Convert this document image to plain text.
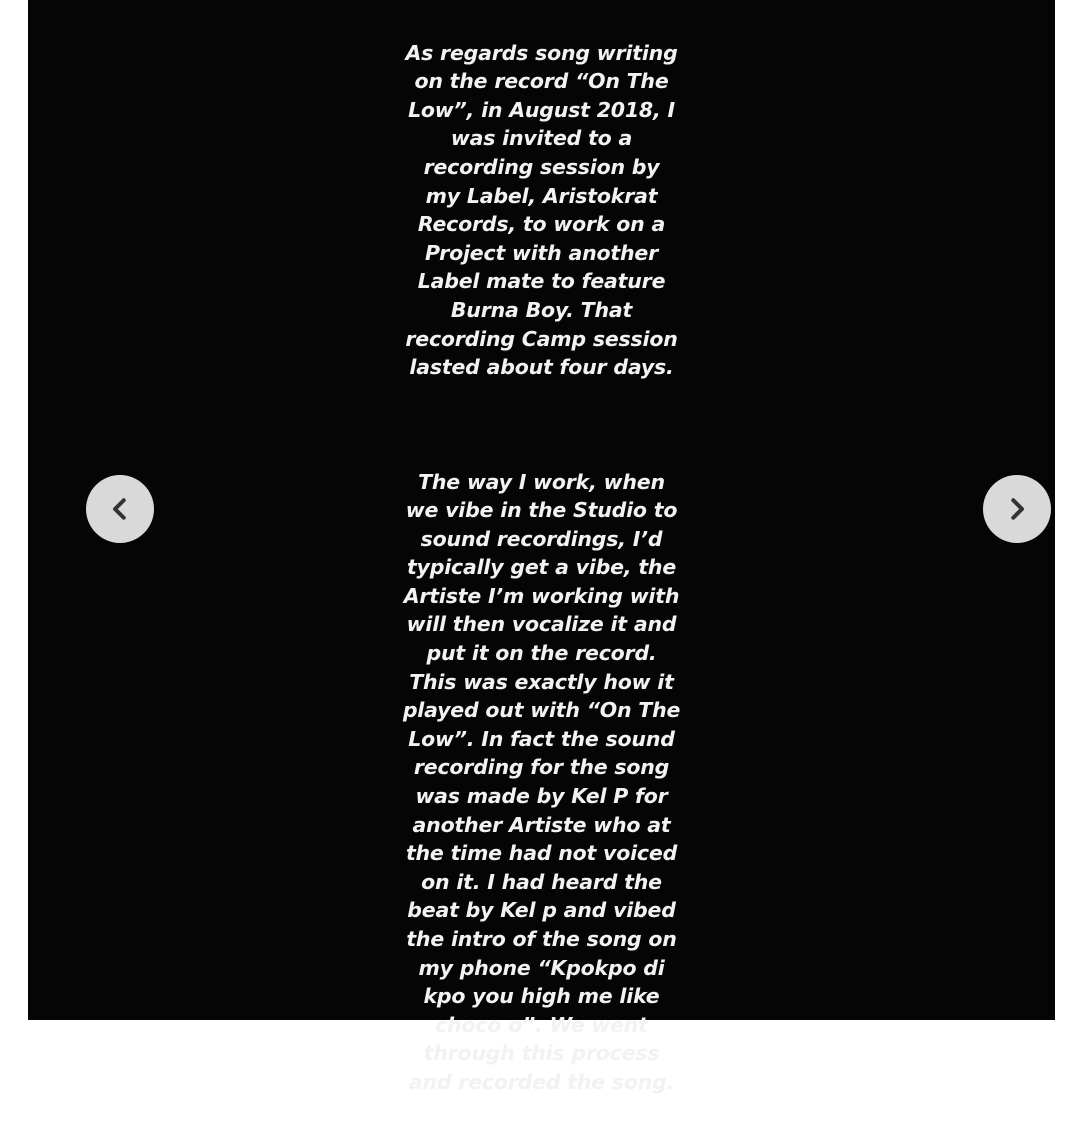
As regards song writing
on the record “On The
Low”, in August 2018, I
was invited to a
recording session by
my Label, Aristokrat
Records, to work on a
Project with another
Label mate to feature
Burna Boy. That
recording Camp session
lasted about four days.

The way I work, when
we vibe in the Studio to
sound recordings, I’d
typically get a vibe, the
Artiste I’m working with
will then vocalize it and
put it on the record.
This was exactly how it
played out with “On The
Low”. In fact the sound
recording for the song
was made by Kel P for
another Artiste who at
the time had not voiced
on it. I had heard the
beat by Kel p and vibed
the intro of the song on
my phone “Kpokpo di
kpo you high me like
choco o”. We went
through this process
and recorded the song.
